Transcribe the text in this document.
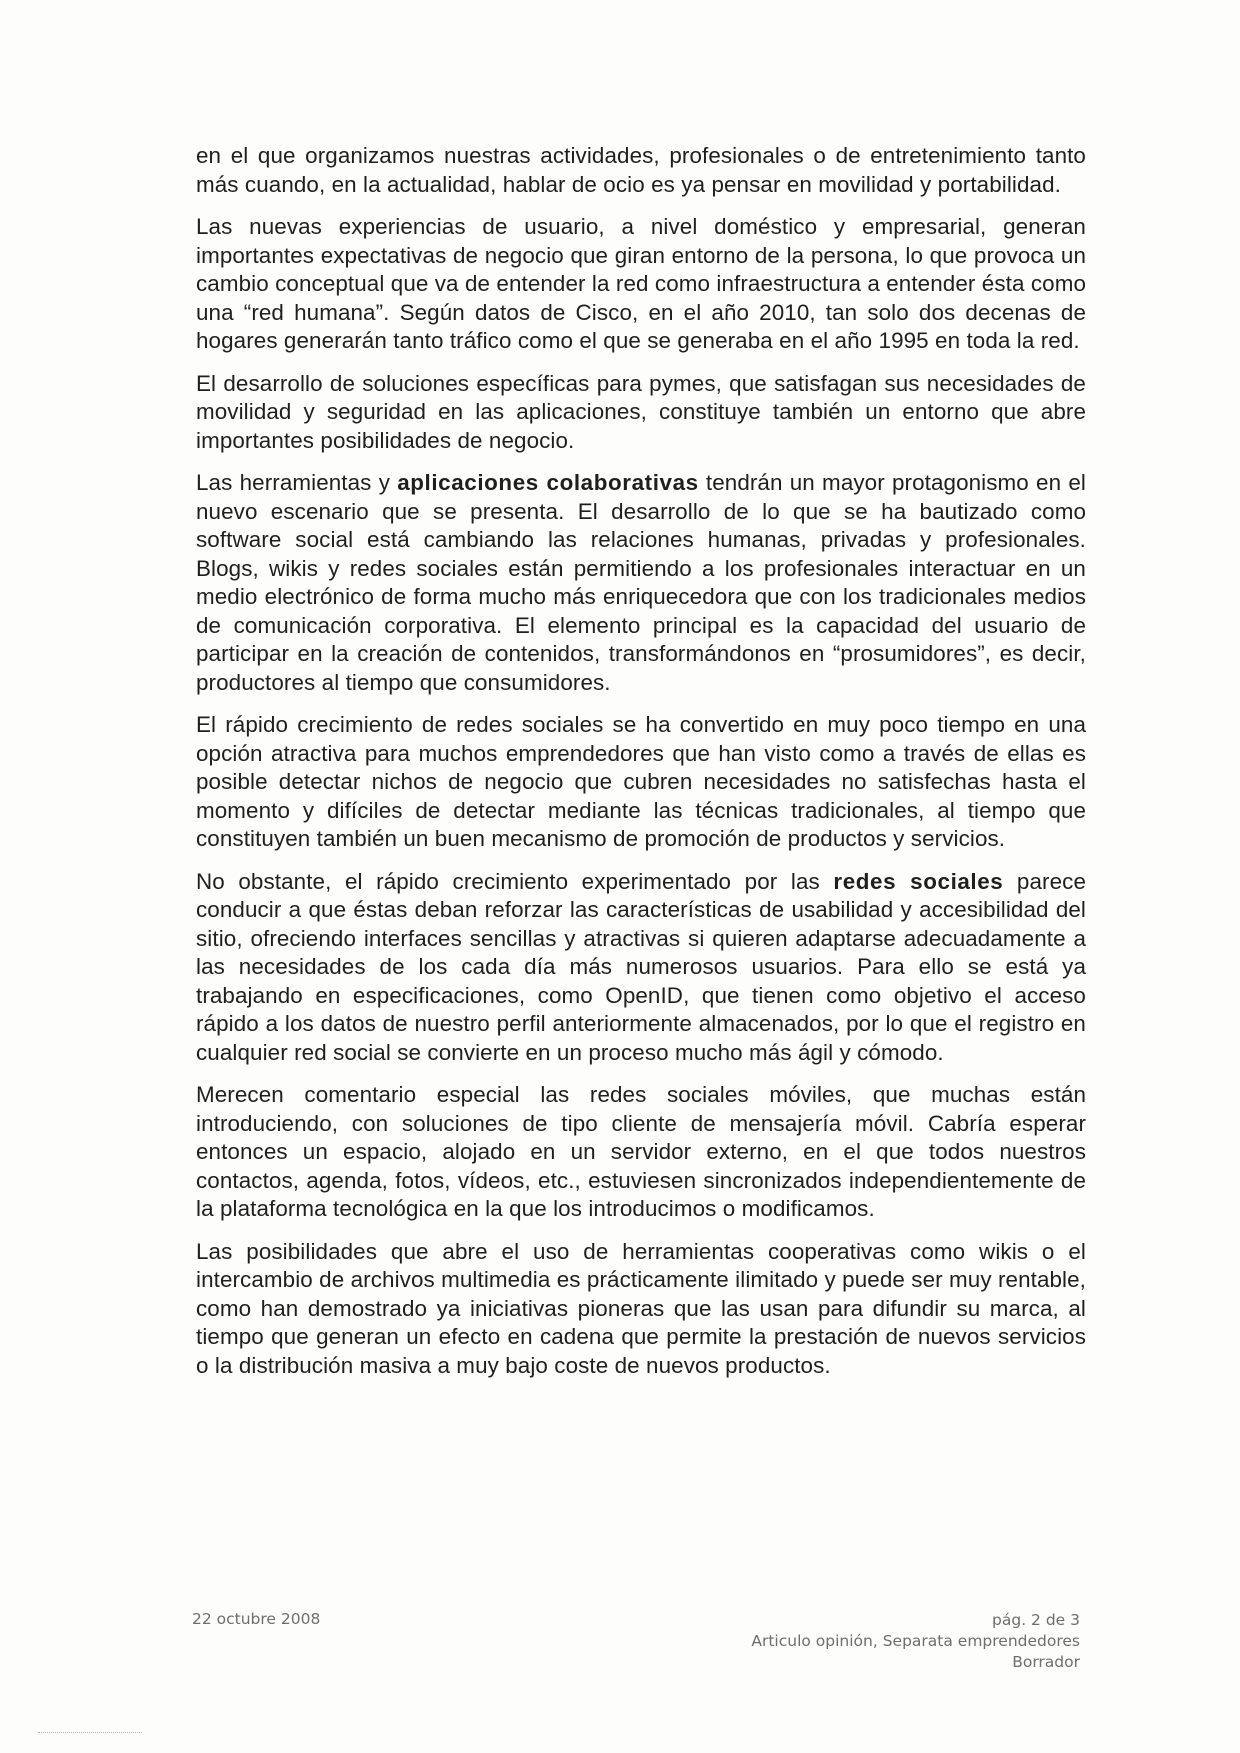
en el que organizamos nuestras actividades, profesionales o de entretenimiento tanto más cuando, en la actualidad, hablar de ocio es ya pensar en movilidad y portabilidad.

Las nuevas experiencias de usuario, a nivel doméstico y empresarial, generan importantes expectativas de negocio que giran entorno de la persona, lo que provoca un cambio conceptual que va de entender la red como infraestructura a entender ésta como una “red humana”. Según datos de Cisco, en el año 2010, tan solo dos decenas de hogares generarán tanto tráfico como el que se generaba en el año 1995 en toda la red.

El desarrollo de soluciones específicas para pymes, que satisfagan sus necesidades de movilidad y seguridad en las aplicaciones, constituye también un entorno que abre importantes posibilidades de negocio.

Las herramientas y aplicaciones colaborativas tendrán un mayor protagonismo en el nuevo escenario que se presenta. El desarrollo de lo que se ha bautizado como software social está cambiando las relaciones humanas, privadas y profesionales. Blogs, wikis y redes sociales están permitiendo a los profesionales interactuar en un medio electrónico de forma mucho más enriquecedora que con los tradicionales medios de comunicación corporativa. El elemento principal es la capacidad del usuario de participar en la creación de contenidos, transformándonos en “prosumidores”, es decir, productores al tiempo que consumidores.

El rápido crecimiento de redes sociales se ha convertido en muy poco tiempo en una opción atractiva para muchos emprendedores que han visto como a través de ellas es posible detectar nichos de negocio que cubren necesidades no satisfechas hasta el momento y difíciles de detectar mediante las técnicas tradicionales, al tiempo que constituyen también un buen mecanismo de promoción de productos y servicios.

No obstante, el rápido crecimiento experimentado por las redes sociales parece conducir a que éstas deban reforzar las características de usabilidad y accesibilidad del sitio, ofreciendo interfaces sencillas y atractivas si quieren adaptarse adecuadamente a las necesidades de los cada día más numerosos usuarios. Para ello se está ya trabajando en especificaciones, como OpenID, que tienen como objetivo el acceso rápido a los datos de nuestro perfil anteriormente almacenados, por lo que el registro en cualquier red social se convierte en un proceso mucho más ágil y cómodo.

Merecen comentario especial las redes sociales móviles, que muchas están introduciendo, con soluciones de tipo cliente de mensajería móvil. Cabría esperar entonces un espacio, alojado en un servidor externo, en el que todos nuestros contactos, agenda, fotos, vídeos, etc., estuviesen sincronizados independientemente de la plataforma tecnológica en la que los introducimos o modificamos.

Las posibilidades que abre el uso de herramientas cooperativas como wikis o el intercambio de archivos multimedia es prácticamente ilimitado y puede ser muy rentable, como han demostrado ya iniciativas pioneras que las usan para difundir su marca, al tiempo que generan un efecto en cadena que permite la prestación de nuevos servicios o la distribución masiva a muy bajo coste de nuevos productos.

22 octubre 2008	pág. 2 de 3
Articulo opinión, Separata emprendedores
Borrador
